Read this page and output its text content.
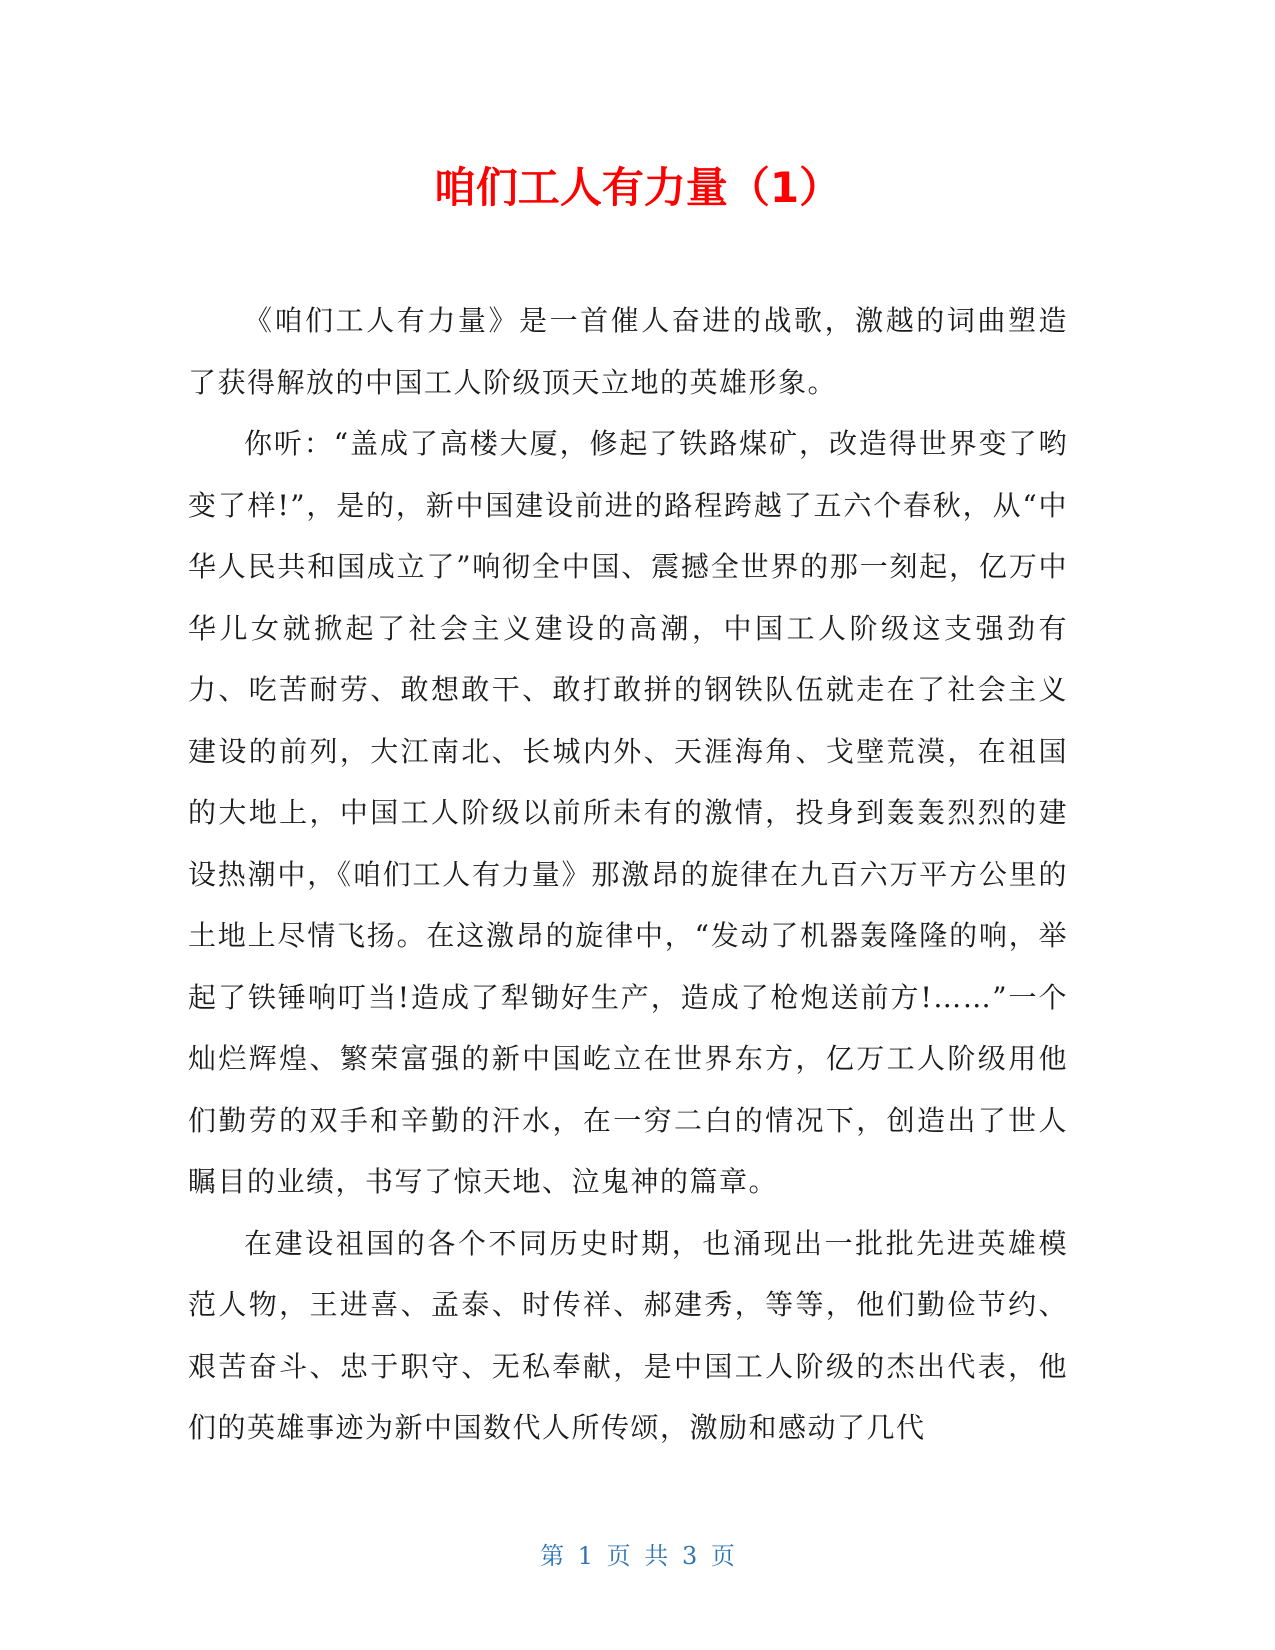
咱们工人有力量（1）

《咱们工人有力量》是一首催人奋进的战歌，激越的词曲塑造了获得解放的中国工人阶级顶天立地的英雄形象。

你听：“盖成了高楼大厦，修起了铁路煤矿，改造得世界变了哟变了样!”，是的，新中国建设前进的路程跨越了五六个春秋，从“中华人民共和国成立了”响彻全中国、震撼全世界的那一刻起，亿万中华儿女就掀起了社会主义建设的高潮，中国工人阶级这支强劲有力、吃苦耐劳、敢想敢干、敢打敢拼的钢铁队伍就走在了社会主义建设的前列，大江南北、长城内外、天涯海角、戈壁荒漠，在祖国的大地上，中国工人阶级以前所未有的激情，投身到轰轰烈烈的建设热潮中，《咱们工人有力量》那激昂的旋律在九百六万平方公里的土地上尽情飞扬。在这激昂的旋律中，“发动了机器轰隆隆的响，举起了铁锤响叮当!造成了犁锄好生产，造成了枪炮送前方!……”一个灿烂辉煌、繁荣富强的新中国屹立在世界东方，亿万工人阶级用他们勤劳的双手和辛勤的汗水，在一穷二白的情况下，创造出了世人瞩目的业绩，书写了惊天地、泣鬼神的篇章。

在建设祖国的各个不同历史时期，也涌现出一批批先进英雄模范人物，王进喜、孟泰、时传祥、郝建秀，等等，他们勤俭节约、艰苦奋斗、忠于职守、无私奉献，是中国工人阶级的杰出代表，他们的英雄事迹为新中国数代人所传颂，激励和感动了几代

第 1 页 共 3 页
